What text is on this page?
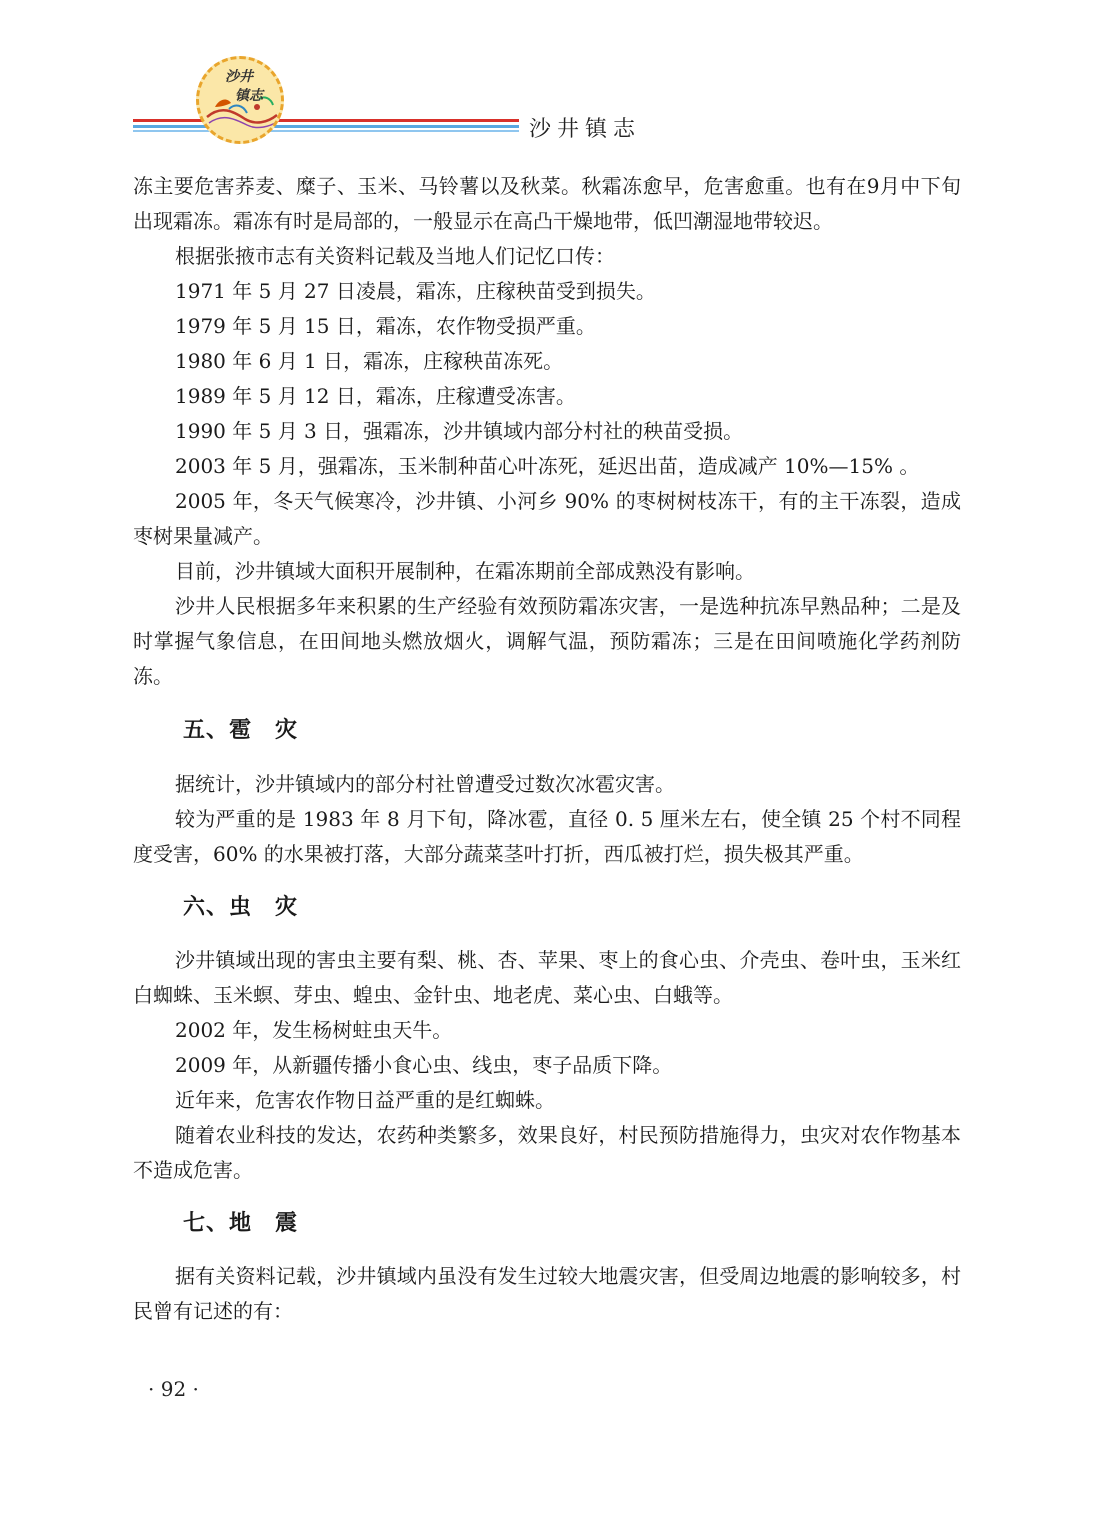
沙井
镇志
沙井镇志

冻主要危害荞麦、糜子、玉米、马铃薯以及秋菜。秋霜冻愈早，危害愈重。也有在9月中下旬出现霜冻。霜冻有时是局部的，一般显示在高凸干燥地带，低凹潮湿地带较迟。

根据张掖市志有关资料记载及当地人们记忆口传：

1971 年 5 月 27 日凌晨，霜冻，庄稼秧苗受到损失。

1979 年 5 月 15 日，霜冻，农作物受损严重。

1980 年 6 月 1 日，霜冻，庄稼秧苗冻死。

1989 年 5 月 12 日，霜冻，庄稼遭受冻害。

1990 年 5 月 3 日，强霜冻，沙井镇域内部分村社的秧苗受损。

2003 年 5 月，强霜冻，玉米制种苗心叶冻死，延迟出苗，造成减产 10%—15% 。

2005 年，冬天气候寒冷，沙井镇、小河乡 90% 的枣树树枝冻干，有的主干冻裂，造成枣树果量减产。

目前，沙井镇域大面积开展制种，在霜冻期前全部成熟没有影响。

沙井人民根据多年来积累的生产经验有效预防霜冻灾害，一是选种抗冻早熟品种；二是及时掌握气象信息，在田间地头燃放烟火，调解气温，预防霜冻；三是在田间喷施化学药剂防冻。

五、雹　灾

据统计，沙井镇域内的部分村社曾遭受过数次冰雹灾害。

较为严重的是 1983 年 8 月下旬，降冰雹，直径 0. 5 厘米左右，使全镇 25 个村不同程度受害，60% 的水果被打落，大部分蔬菜茎叶打折，西瓜被打烂，损失极其严重。

六、虫　灾

沙井镇域出现的害虫主要有梨、桃、杏、苹果、枣上的食心虫、介壳虫、卷叶虫，玉米红白蜘蛛、玉米螟、芽虫、蝗虫、金针虫、地老虎、菜心虫、白蛾等。

2002 年，发生杨树蛀虫天牛。

2009 年，从新疆传播小食心虫、线虫，枣子品质下降。

近年来，危害农作物日益严重的是红蜘蛛。

随着农业科技的发达，农药种类繁多，效果良好，村民预防措施得力，虫灾对农作物基本不造成危害。

七、地　震

据有关资料记载，沙井镇域内虽没有发生过较大地震灾害，但受周边地震的影响较多，村民曾有记述的有：

· 92 ·
